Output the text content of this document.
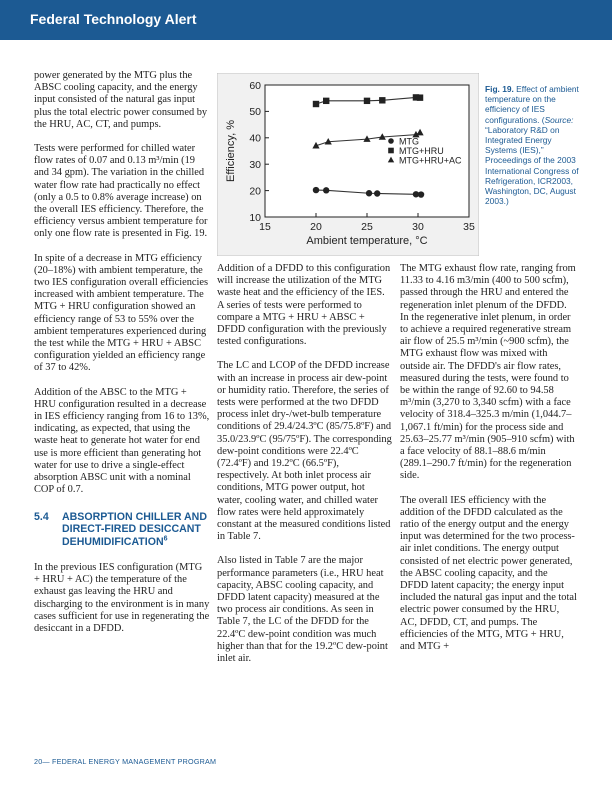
Federal Technology Alert

power generated by the MTG plus the ABSC cooling capacity, and the energy input consisted of the natural gas input plus the total electric power consumed by the HRU, AC, CT, and pumps.

Tests were performed for chilled water flow rates of 0.07 and 0.13 m³/min (19 and 34 gpm). The variation in the chilled water flow rate had practically no effect (only a 0.5 to 0.8% average increase) on the overall IES efficiency. Therefore, the efficiency versus ambient temperature for only one flow rate is presented in Fig. 19.

In spite of a decrease in MTG efficiency (20–18%) with ambient temperature, the two IES configuration overall efficiencies increased with ambient temperature. The MTG + HRU configuration showed an efficiency range of 53 to 55% over the ambient temperatures experienced during the test while the MTG + HRU + ABSC configuration yielded an efficiency range of 37 to 42%.

Addition of the ABSC to the MTG + HRU configuration resulted in a decrease in IES efficiency ranging from 16 to 13%, indicating, as expected, that using the waste heat to generate hot water for end use is more efficient than generating hot water for use to drive a single-effect absorption ABSC unit with a nominal COP of 0.7.

5.4	ABSORPTION CHILLER AND DIRECT-FIRED DESICCANT DEHUMIDIFICATION$^6$

In the previous IES configuration (MTG + HRU + AC) the temperature of the exhaust gas leaving the HRU and discharging to the environment is in many cases sufficient for use in regenerating the desiccant in a DFDD.

15	20	25	30	35
10
20
30
40
50
60
Ambient temperature, °C
Efficiency, %	MTG
MTG+HRU
MTG+HRU+AC
Fig. 19. Effect of ambient temperature on the efficiency of IES configurations. (Source: “Laboratory R&D on Integrated Energy Systems (IES),” Proceedings of the 2003 International Congress of Refrigeration, ICR2003, Washington, DC, August 2003.)

Addition of a DFDD to this configuration will increase the utilization of the MTG waste heat and the efficiency of the IES. A series of tests were performed to compare a MTG + HRU + ABSC + DFDD configuration with the previously tested configurations.

The LC and LCOP of the DFDD increase with an increase in process air dew-point or humidity ratio. Therefore, the series of tests were performed at the two DFDD process inlet dry-/wet-bulb temperature conditions of 29.4/24.3ºC (85/75.8ºF) and 35.0/23.9ºC (95/75ºF). The corresponding dew-point conditions were 22.4ºC (72.4ºF) and 19.2ºC (66.5ºF), respectively. At both inlet process air conditions, MTG power output, hot water, cooling water, and chilled water flow rates were held approximately constant at the measured conditions listed in Table 7.

Also listed in Table 7 are the major performance parameters (i.e., HRU heat capacity, ABSC cooling capacity, and DFDD latent capacity) measured at the two process air conditions. As seen in Table 7, the LC of the DFDD for the 22.4ºC dew-point condition was much higher than that for the 19.2ºC dew-point inlet air.

The MTG exhaust flow rate, ranging from 11.33 to 4.16 m3/min (400 to 500 scfm), passed through the HRU and entered the regeneration inlet plenum of the DFDD. In the regenerative inlet plenum, in order to achieve a required regenerative stream air flow of 25.5 m³/min (~900 scfm), the MTG exhaust flow was mixed with outside air. The DFDD's air flow rates, measured during the tests, were found to be within the range of 92.60 to 94.58 m³/min (3,270 to 3,340 scfm) with a face velocity of 318.4–325.3 m/min (1,044.7–1,067.1 ft/min) for the process side and 25.63–25.77 m³/min (905–910 scfm) with a face velocity of 88.1–88.6 m/min (289.1–290.7 ft/min) for the regeneration side.

The overall IES efficiency with the addition of the DFDD calculated as the ratio of the energy output and the energy input was determined for the two process-air inlet conditions. The energy output consisted of net electric power generated, the ABSC cooling capacity, and the DFDD latent capacity; the energy input included the natural gas input and the total electric power consumed by the HRU, AC, DFDD, CT, and pumps. The efficiencies of the MTG, MTG + HRU, and MTG +

20— FEDERAL ENERGY MANAGEMENT PROGRAM
